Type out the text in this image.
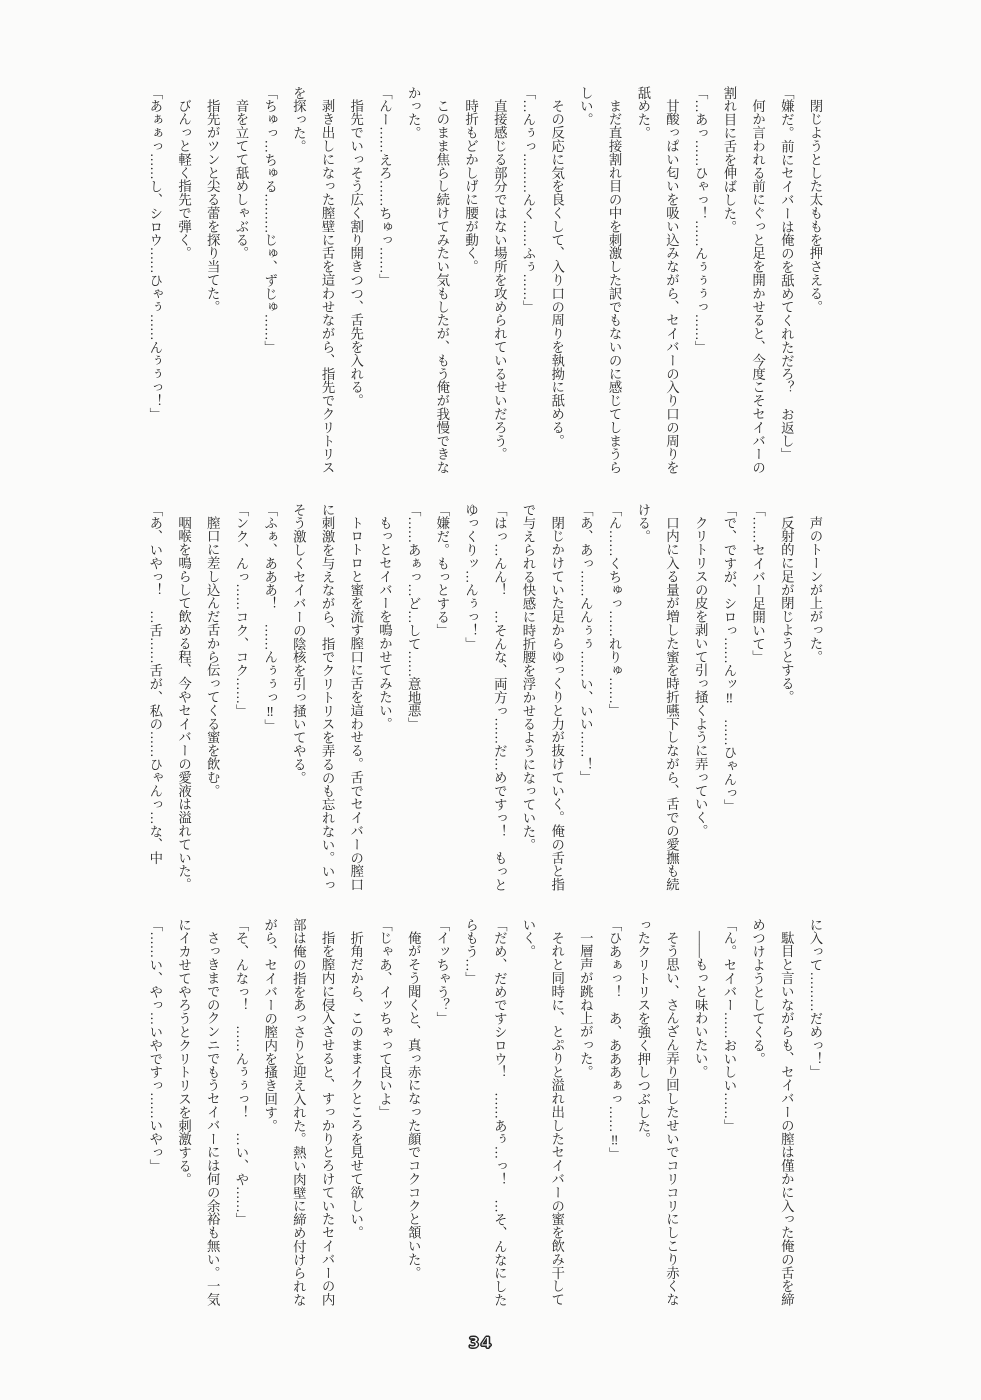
閉じようとした太ももを押さえる。

「嫌だ。前にセイバーは俺のを舐めてくれただろ？　お返し」

何か言われる前にぐっと足を開かせると、今度こそセイバーの割れ目に舌を伸ばした。

「…あっ……ひゃっ！……んぅぅぅっ……」

甘酸っぱい匂いを吸い込みながら、セイバーの入り口の周りを舐めた。

まだ直接割れ目の中を刺激した訳でもないのに感じてしまうらしい。

その反応に気を良くして、入り口の周りを執拗に舐める。

「…んぅっ………んく……ふぅ……」

直接感じる部分ではない場所を攻められているせいだろう。

時折もどかしげに腰が動く。

このまま焦らし続けてみたい気もしたが、もう俺が我慢できなかった。

「んー……えろ……ちゅっ……」

指先でいっそう広く割り開きつつ、舌先を入れる。

剥き出しになった膣壁に舌を這わせながら、指先でクリトリスを探った。

「ちゅっ…ちゅる………じゅ、ずじゅ……」

音を立てて舐めしゃぶる。

指先がツンと尖る蕾を探り当てた。

びんっと軽く指先で弾く。

「あぁぁっ……し、シロウ……ひゃぅ……んぅぅっ！」

声のトーンが上がった。

反射的に足が閉じようとする。

「……セイバー足開いて」

「で、ですが、シロっ……んッ‼　……ひゃんっ」

クリトリスの皮を剥いて引っ掻くように弄っていく。

口内に入る量が増した蜜を時折嚥下しながら、舌での愛撫も続ける。

「ん……くちゅっ……れりゅ……」

「あ、あっ……んんぅぅ……い、いい……！」

閉じかけていた足からゆっくりと力が抜けていく。俺の舌と指で与えられる快感に時折腰を浮かせるようになっていた。

「はっ…んん！　…そんな、両方っ……だ…めですっ！　もっとゆっくりッ…んぅっ！」

「嫌だ。もっとする」

「……あぁっ…ど…して……意地悪」

もっとセイバーを鳴かせてみたい。

トロトロと蜜を流す膣口に舌を這わせる。舌でセイバーの膣口に刺激を与えながら、指でクリトリスを弄るのも忘れない。いっそう激しくセイバーの陰核を引っ掻いてやる。

「ふぁ、あああ！　……んぅぅっ‼」

「ンク、んっ……コク、コク……」

膣口に差し込んだ舌から伝ってくる蜜を飲む。

咽喉を鳴らして飲める程、今やセイバーの愛液は溢れていた。

「あ、いやっ！　…舌……舌が、私の……ひゃんっ…な、中

に入って………だめっ！」

駄目と言いながらも、セイバーの膣は僅かに入った俺の舌を締めつけようとしてくる。

「ん。セイバー……おいしい……」

――もっと味わいたい。

そう思い、さんざん弄り回したせいでコリコリにしこり赤くなったクリトリスを強く押しつぶした。

「ひあぁっ！　あ、あああぁっ……‼」

一層声が跳ね上がった。

それと同時に、とぷりと溢れ出したセイバーの蜜を飲み干していく。

「だめ、だめですシロウ！　……あぅ…っ！　…そ、んなにしたらもう…」

「イッちゃう？」

俺がそう聞くと、真っ赤になった顔でコクコクと頷いた。

「じゃあ、イッちゃって良いよ」

折角だから、このままイクところを見せて欲しい。

指を膣内に侵入させると、すっかりとろけていたセイバーの内部は俺の指をあっさりと迎え入れた。熱い肉壁に締め付けられながら、セイバーの膣内を搔き回す。

「そ、んなっ！　……んぅぅっ！　…い、や……」

さっきまでのクンニでもうセイバーには何の余裕も無い。一気にイカせてやろうとクリトリスを刺激する。

「……い、やっ…いやですっ……いやっ」

34
